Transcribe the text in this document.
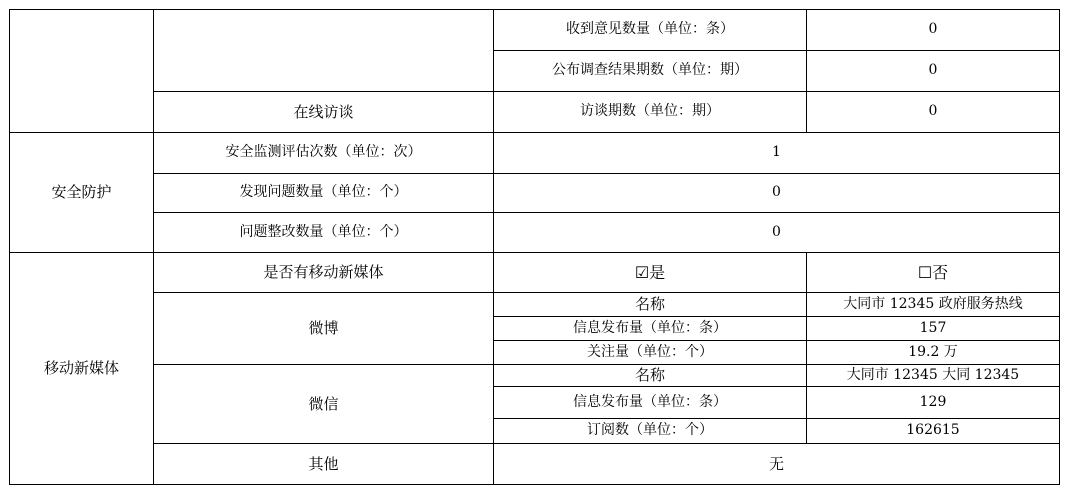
		收到意见数量（单位：条）	0
		公布调查结果期数（单位：期）	0
	在线访谈	访谈期数（单位：期）	0
安全防护	安全监测评估次数（单位：次）	1	
	发现问题数量（单位：个）	0	
	问题整改数量（单位：个）	0	
移动新媒体	是否有移动新媒体	☑是	☐否
	微博	名称	大同市 12345 政府服务热线
		信息发布量（单位：条）	157
		关注量（单位：个）	19.2 万
	微信	名称	大同市 12345 大同 12345
		信息发布量（单位：条）	129
		订阅数（单位：个）	162615
	其他	无	
